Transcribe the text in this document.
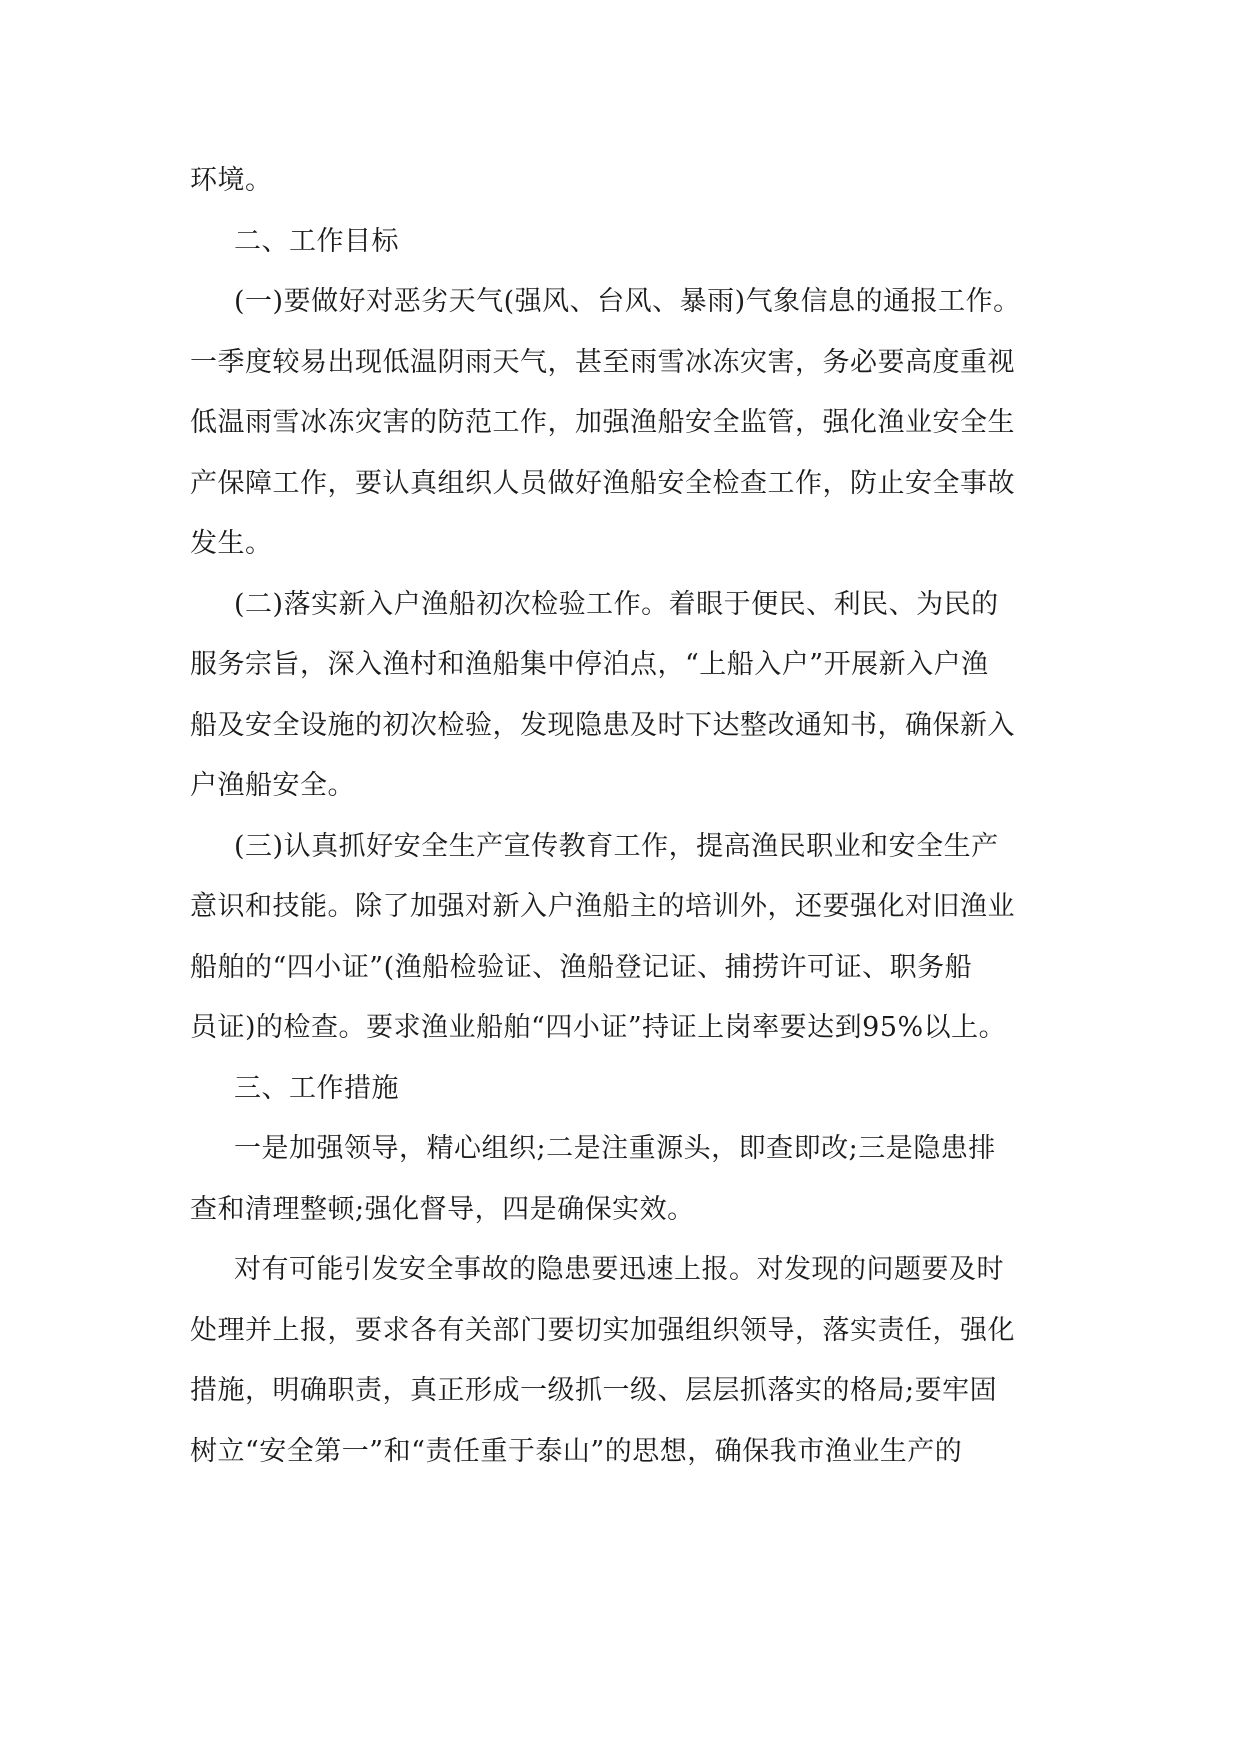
环境。
二、工作目标
(一)要做好对恶劣天气(强风、台风、暴雨)气象信息的通报工作。
一季度较易出现低温阴雨天气，甚至雨雪冰冻灾害，务必要高度重视
低温雨雪冰冻灾害的防范工作，加强渔船安全监管，强化渔业安全生
产保障工作，要认真组织人员做好渔船安全检查工作，防止安全事故
发生。
(二)落实新入户渔船初次检验工作。着眼于便民、利民、为民的
服务宗旨，深入渔村和渔船集中停泊点，“上船入户”开展新入户渔
船及安全设施的初次检验，发现隐患及时下达整改通知书，确保新入
户渔船安全。
(三)认真抓好安全生产宣传教育工作，提高渔民职业和安全生产
意识和技能。除了加强对新入户渔船主的培训外，还要强化对旧渔业
船舶的“四小证”(渔船检验证、渔船登记证、捕捞许可证、职务船
员证)的检查。要求渔业船舶“四小证”持证上岗率要达到95%以上。
三、工作措施
一是加强领导，精心组织;二是注重源头，即查即改;三是隐患排
查和清理整顿;强化督导，四是确保实效。
对有可能引发安全事故的隐患要迅速上报。对发现的问题要及时
处理并上报，要求各有关部门要切实加强组织领导，落实责任，强化
措施，明确职责，真正形成一级抓一级、层层抓落实的格局;要牢固
树立“安全第一”和“责任重于泰山”的思想，确保我市渔业生产的
